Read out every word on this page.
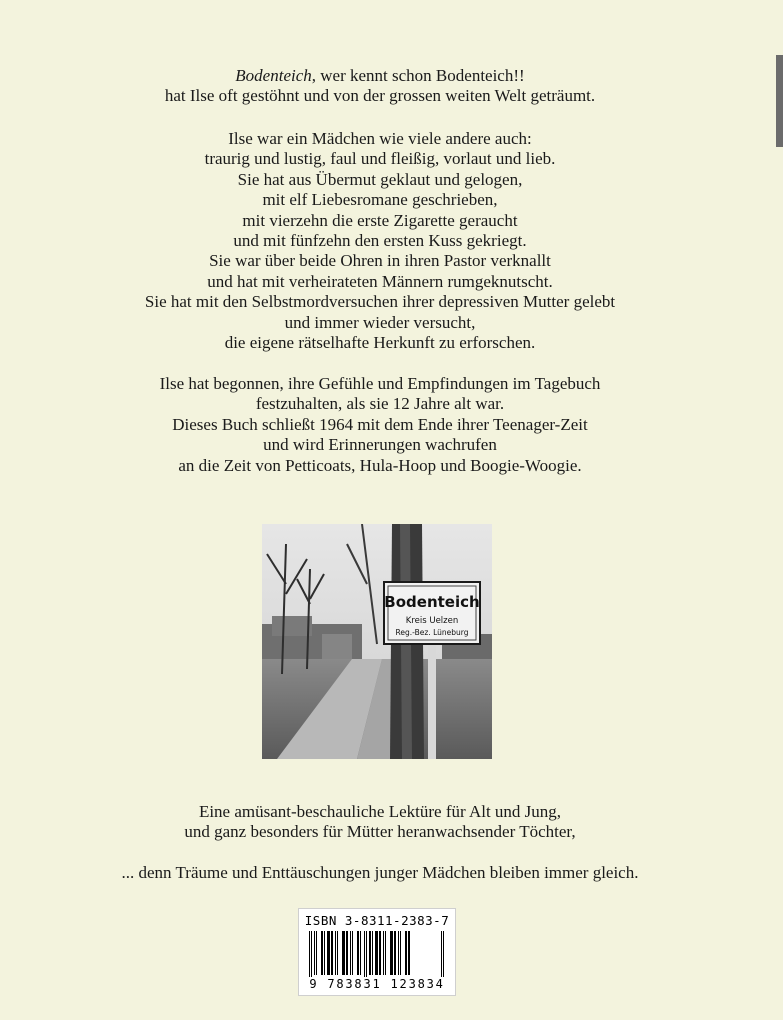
Bodenteich, wer kennt schon Bodenteich!!

hat Ilse oft gestöhnt und von der grossen weiten Welt geträumt.

Ilse war ein Mädchen wie viele andere auch:

traurig und lustig, faul und fleißig, vorlaut und lieb.

Sie hat aus Übermut geklaut und gelogen,

mit elf Liebesromane geschrieben,

mit vierzehn die erste Zigarette geraucht

und mit fünfzehn den ersten Kuss gekriegt.

Sie war über beide Ohren in ihren Pastor verknallt

und hat mit verheirateten Männern rumgeknutscht.

Sie hat mit den Selbstmordversuchen ihrer depressiven Mutter gelebt

und immer wieder versucht,

die eigene rätselhafte Herkunft zu erforschen.

Ilse hat begonnen, ihre Gefühle und Empfindungen im Tagebuch

festzuhalten, als sie 12 Jahre alt war.

Dieses Buch schließt 1964 mit dem Ende ihrer Teenager-Zeit

und wird Erinnerungen wachrufen

an die Zeit von Petticoats, Hula-Hoop und Boogie-Woogie.

Bodenteich
Kreis Uelzen
Reg.-Bez. Lüneburg

Eine amüsant-beschauliche Lektüre für Alt und Jung,

und ganz besonders für Mütter heranwachsender Töchter,

... denn Träume und Enttäuschungen junger Mädchen bleiben immer gleich.

ISBN 3-8311-2383-7
9 783831 123834
